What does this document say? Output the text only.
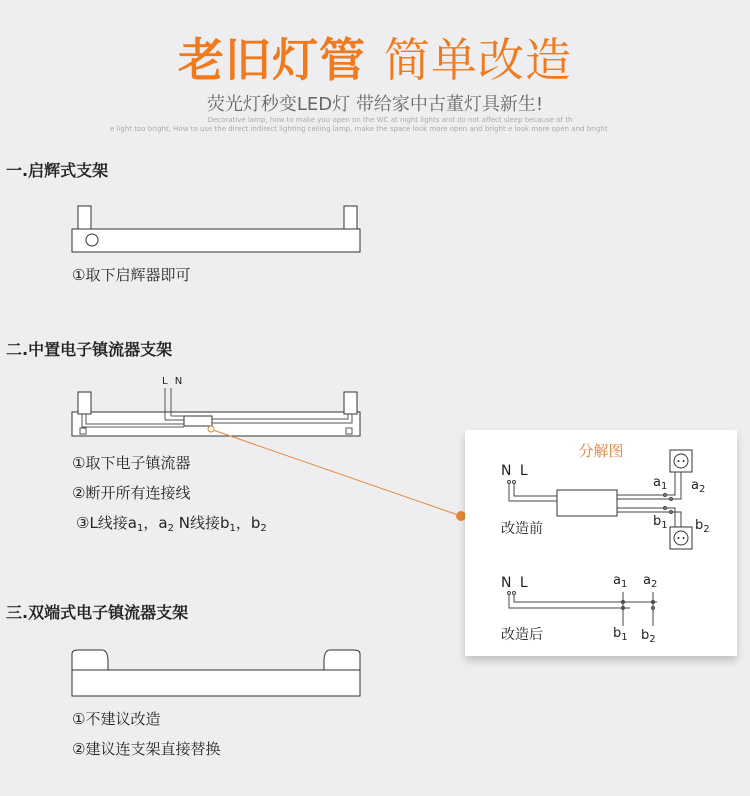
老旧灯管 简单改造
荧光灯秒变LED灯 带给家中古董灯具新生!
Decorative lamp, how to make you open on the WC at night lights and do not affect sleep because of th
e light too bright, How to use the direct indirect lighting ceiling lamp, make the space look more open and bright e look more open and bright
一.启辉式支架
①取下启辉器即可
二.中置电子镇流器支架
L N
①取下电子镇流器
②断开所有连接线
③L线接$a_1$，$a_2$ N线接$b_1$，$b_2$
三.双端式电子镇流器支架
①不建议改造
②建议连支架直接替换
分解图
N L
改造前
$a_1$ $a_2$
$b_1$ $b_2$
N L
改造后
$a_1$ $a_2$
$b_1$ $b_2$
